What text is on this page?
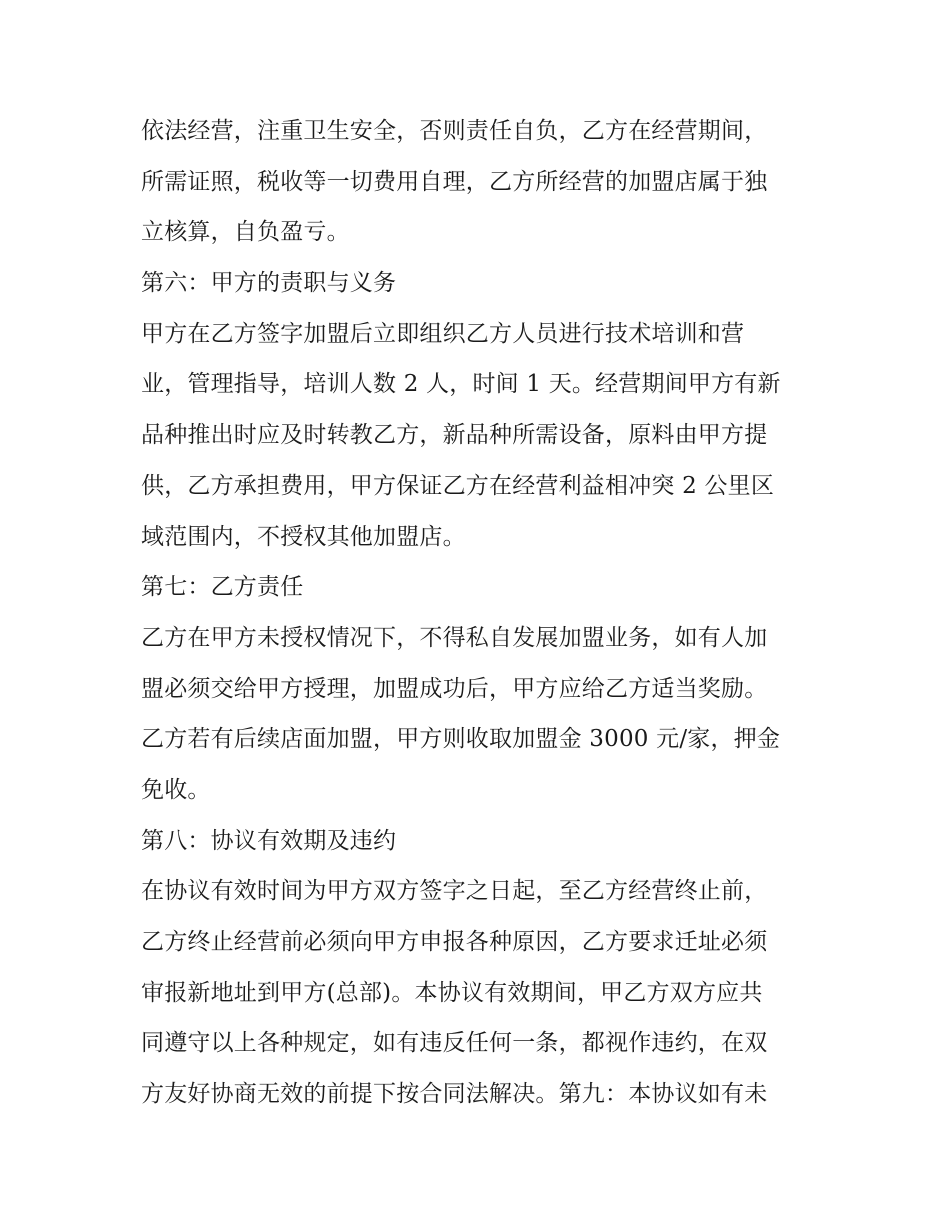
依法经营，注重卫生安全，否则责任自负，乙方在经营期间，
所需证照，税收等一切费用自理，乙方所经营的加盟店属于独
立核算，自负盈亏。
第六：甲方的责职与义务
甲方在乙方签字加盟后立即组织乙方人员进行技术培训和营
业，管理指导，培训人数 2 人，时间 1 天。经营期间甲方有新
品种推出时应及时转教乙方，新品种所需设备，原料由甲方提
供，乙方承担费用，甲方保证乙方在经营利益相冲突 2 公里区
域范围内，不授权其他加盟店。
第七：乙方责任
乙方在甲方未授权情况下，不得私自发展加盟业务，如有人加
盟必须交给甲方授理，加盟成功后，甲方应给乙方适当奖励。
乙方若有后续店面加盟，甲方则收取加盟金 3000 元/家，押金
免收。
第八：协议有效期及违约
在协议有效时间为甲方双方签字之日起，至乙方经营终止前，
乙方终止经营前必须向甲方申报各种原因，乙方要求迁址必须
审报新地址到甲方(总部)。本协议有效期间，甲乙方双方应共
同遵守以上各种规定，如有违反任何一条，都视作违约，在双
方友好协商无效的前提下按合同法解决。第九：本协议如有未
